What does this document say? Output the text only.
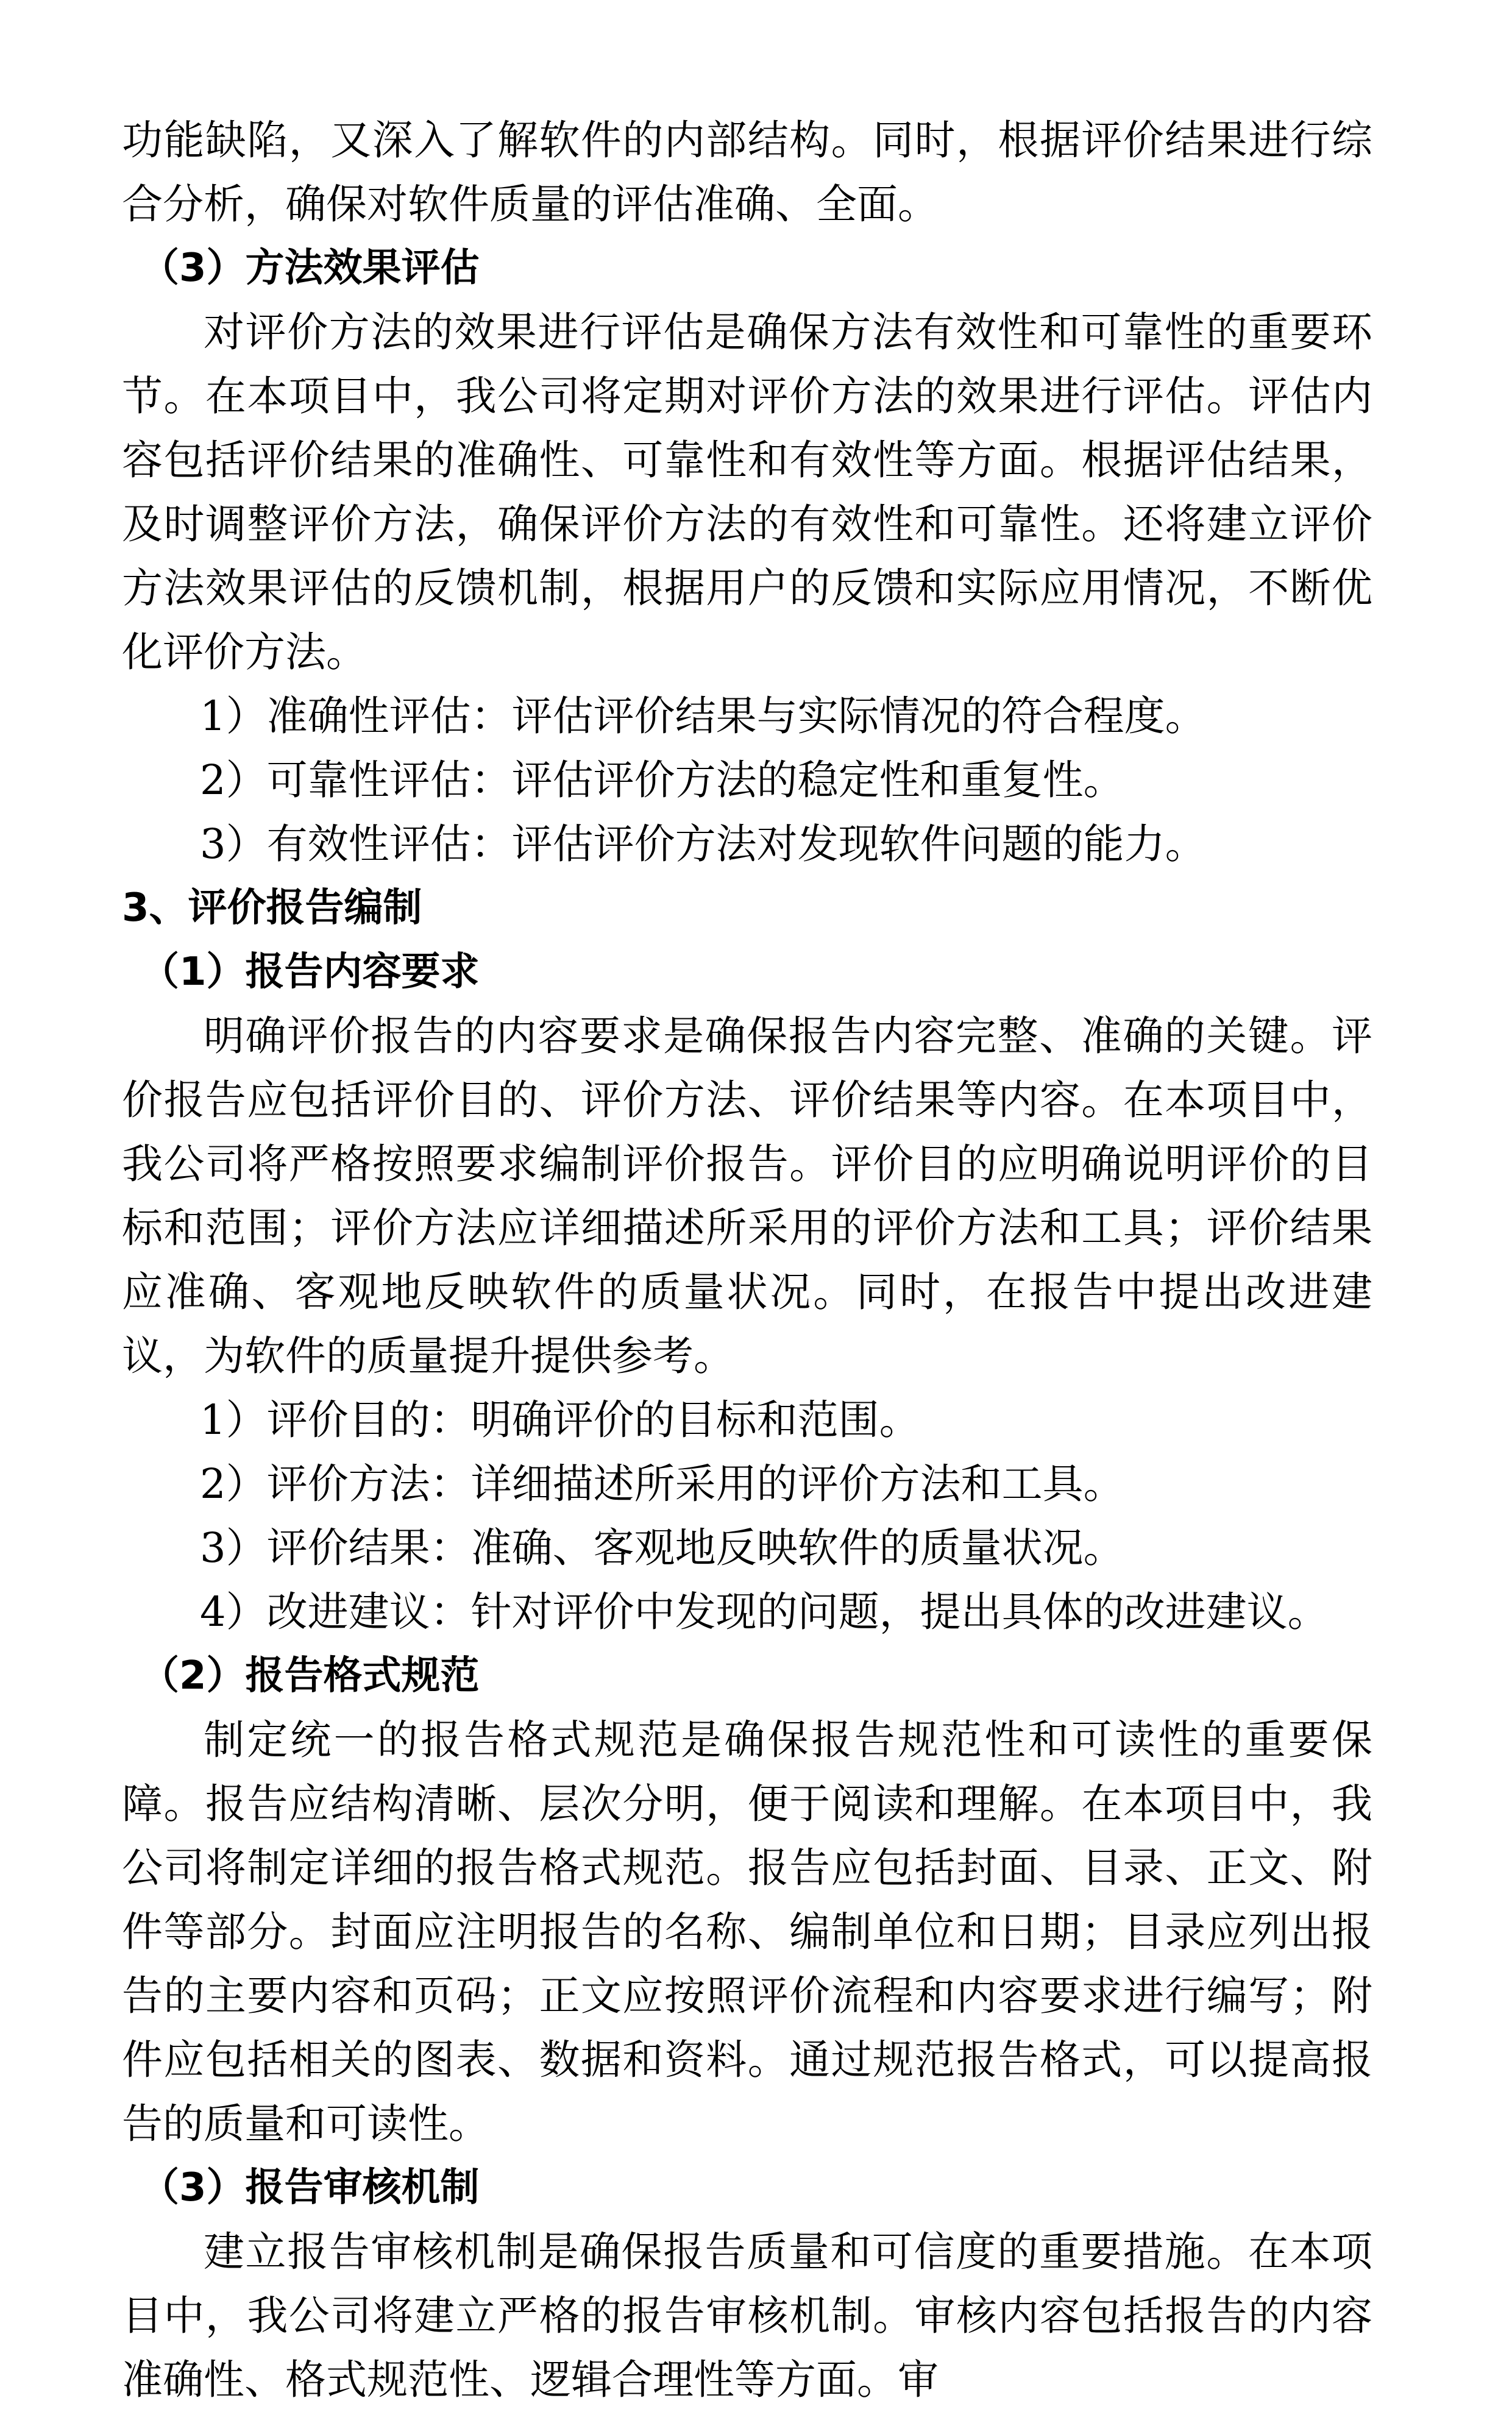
功能缺陷，又深入了解软件的内部结构。同时，根据评价结果进行综合分析，确保对软件质量的评估准确、全面。

（3）方法效果评估

对评价方法的效果进行评估是确保方法有效性和可靠性的重要环节。在本项目中，我公司将定期对评价方法的效果进行评估。评估内容包括评价结果的准确性、可靠性和有效性等方面。根据评估结果，及时调整评价方法，确保评价方法的有效性和可靠性。还将建立评价方法效果评估的反馈机制，根据用户的反馈和实际应用情况，不断优化评价方法。

1）准确性评估：评估评价结果与实际情况的符合程度。

2）可靠性评估：评估评价方法的稳定性和重复性。

3）有效性评估：评估评价方法对发现软件问题的能力。

3、评价报告编制

（1）报告内容要求

明确评价报告的内容要求是确保报告内容完整、准确的关键。评价报告应包括评价目的、评价方法、评价结果等内容。在本项目中，我公司将严格按照要求编制评价报告。评价目的应明确说明评价的目标和范围；评价方法应详细描述所采用的评价方法和工具；评价结果应准确、客观地反映软件的质量状况。同时，在报告中提出改进建议，为软件的质量提升提供参考。

1）评价目的：明确评价的目标和范围。

2）评价方法：详细描述所采用的评价方法和工具。

3）评价结果：准确、客观地反映软件的质量状况。

4）改进建议：针对评价中发现的问题，提出具体的改进建议。

（2）报告格式规范

制定统一的报告格式规范是确保报告规范性和可读性的重要保障。报告应结构清晰、层次分明，便于阅读和理解。在本项目中，我公司将制定详细的报告格式规范。报告应包括封面、目录、正文、附件等部分。封面应注明报告的名称、编制单位和日期；目录应列出报告的主要内容和页码；正文应按照评价流程和内容要求进行编写；附件应包括相关的图表、数据和资料。通过规范报告格式，可以提高报告的质量和可读性。

（3）报告审核机制

建立报告审核机制是确保报告质量和可信度的重要措施。在本项目中，我公司将建立严格的报告审核机制。审核内容包括报告的内容准确性、格式规范性、逻辑合理性等方面。审
